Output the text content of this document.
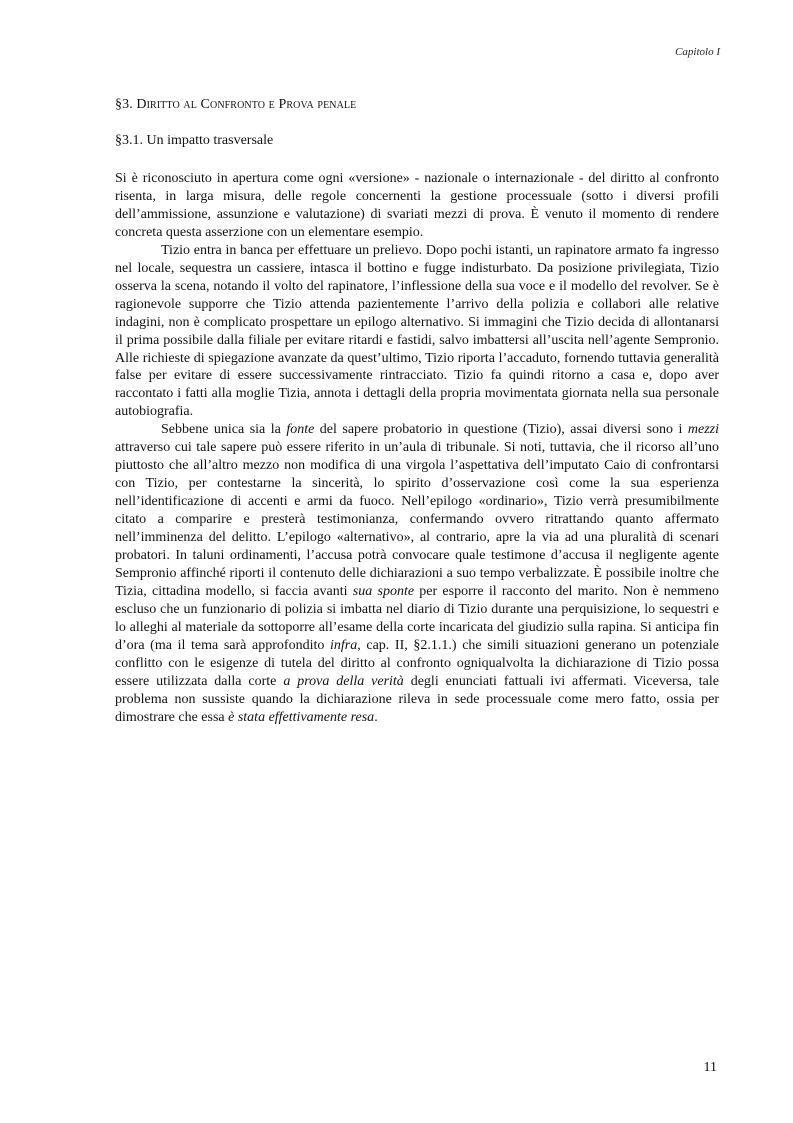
Capitolo I
§3. Diritto al Confronto e Prova penale
§3.1. Un impatto trasversale

Si è riconosciuto in apertura come ogni «versione» - nazionale o internazionale - del diritto al confronto risenta, in larga misura, delle regole concernenti la gestione processuale (sotto i diversi profili dell’ammissione, assunzione e valutazione) di svariati mezzi di prova. È venuto il momento di rendere concreta questa asserzione con un elementare esempio.

Tizio entra in banca per effettuare un prelievo. Dopo pochi istanti, un rapinatore armato fa ingresso nel locale, sequestra un cassiere, intasca il bottino e fugge indisturbato. Da posizione privilegiata, Tizio osserva la scena, notando il volto del rapinatore, l’inflessione della sua voce e il modello del revolver. Se è ragionevole supporre che Tizio attenda pazientemente l’arrivo della polizia e collabori alle relative indagini, non è complicato prospettare un epilogo alternativo. Si immagini che Tizio decida di allontanarsi il prima possibile dalla filiale per evitare ritardi e fastidi, salvo imbattersi all’uscita nell’agente Sempronio. Alle richieste di spiegazione avanzate da quest’ultimo, Tizio riporta l’accaduto, fornendo tuttavia generalità false per evitare di essere successivamente rintracciato. Tizio fa quindi ritorno a casa e, dopo aver raccontato i fatti alla moglie Tizia, annota i dettagli della propria movimentata giornata nella sua personale autobiografia.

Sebbene unica sia la fonte del sapere probatorio in questione (Tizio), assai diversi sono i mezzi attraverso cui tale sapere può essere riferito in un’aula di tribunale. Si noti, tuttavia, che il ricorso all’uno piuttosto che all’altro mezzo non modifica di una virgola l’aspettativa dell’imputato Caio di confrontarsi con Tizio, per contestarne la sincerità, lo spirito d’osservazione così come la sua esperienza nell’identificazione di accenti e armi da fuoco. Nell’epilogo «ordinario», Tizio verrà presumibilmente citato a comparire e presterà testimonianza, confermando ovvero ritrattando quanto affermato nell’imminenza del delitto. L’epilogo «alternativo», al contrario, apre la via ad una pluralità di scenari probatori. In taluni ordinamenti, l’accusa potrà convocare quale testimone d’accusa il negligente agente Sempronio affinché riporti il contenuto delle dichiarazioni a suo tempo verbalizzate. È possibile inoltre che Tizia, cittadina modello, si faccia avanti sua sponte per esporre il racconto del marito. Non è nemmeno escluso che un funzionario di polizia si imbatta nel diario di Tizio durante una perquisizione, lo sequestri e lo alleghi al materiale da sottoporre all’esame della corte incaricata del giudizio sulla rapina. Si anticipa fin d’ora (ma il tema sarà approfondito infra, cap. II, §2.1.1.) che simili situazioni generano un potenziale conflitto con le esigenze di tutela del diritto al confronto ogniqualvolta la dichiarazione di Tizio possa essere utilizzata dalla corte a prova della verità degli enunciati fattuali ivi affermati. Viceversa, tale problema non sussiste quando la dichiarazione rileva in sede processuale come mero fatto, ossia per dimostrare che essa è stata effettivamente resa.

11
